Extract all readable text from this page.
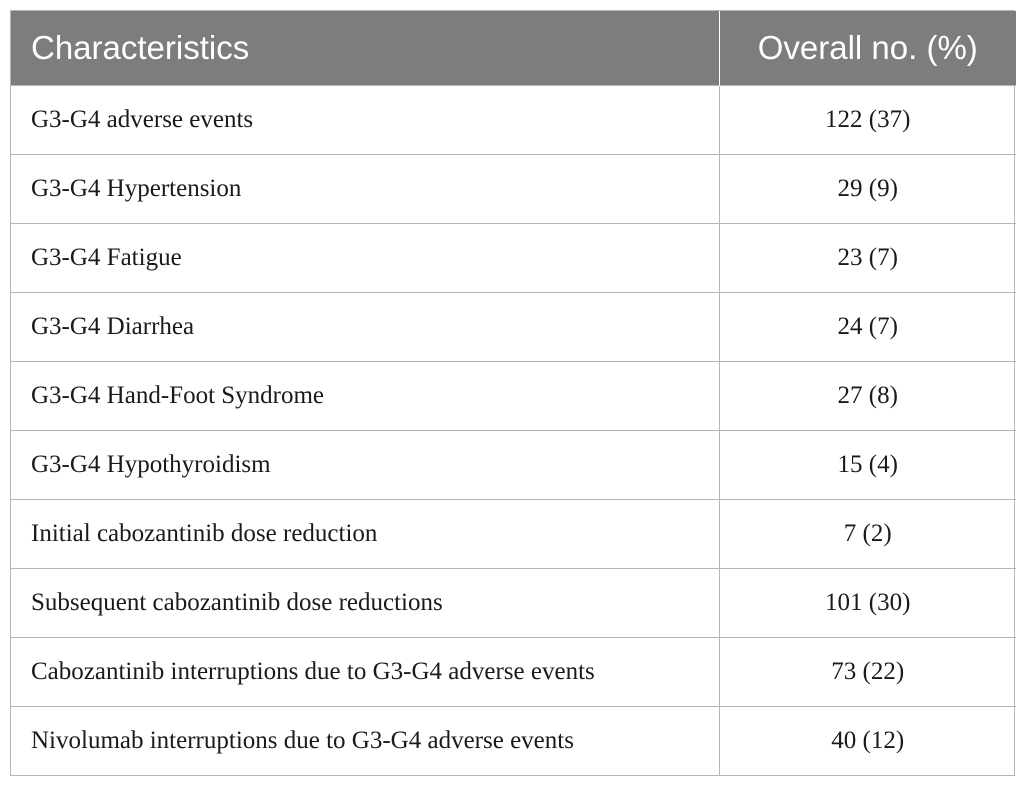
Characteristics	Overall no. (%)
G3-G4 adverse events	122 (37)
G3-G4 Hypertension	29 (9)
G3-G4 Fatigue	23 (7)
G3-G4 Diarrhea	24 (7)
G3-G4 Hand-Foot Syndrome	27 (8)
G3-G4 Hypothyroidism	15 (4)
Initial cabozantinib dose reduction	7 (2)
Subsequent cabozantinib dose reductions	101 (30)
Cabozantinib interruptions due to G3-G4 adverse events	73 (22)
Nivolumab interruptions due to G3-G4 adverse events	40 (12)
